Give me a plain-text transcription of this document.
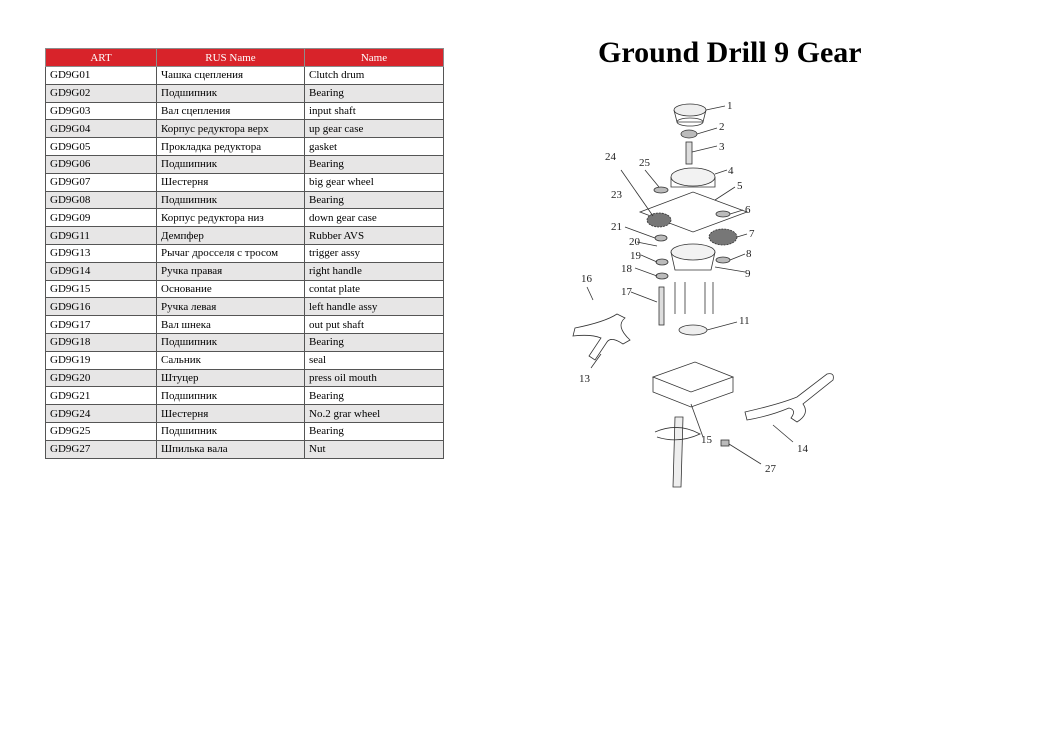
ART	RUS Name	Name
GD9G01	Чашка сцепления	Clutch drum
GD9G02	Подшипник	Bearing
GD9G03	Вал сцепления	input shaft
GD9G04	Корпус редуктора верх	up gear case
GD9G05	Прокладка редуктора	gasket
GD9G06	Подшипник	Bearing
GD9G07	Шестерня	big gear wheel
GD9G08	Подшипник	Bearing
GD9G09	Корпус редуктора низ	down gear case
GD9G11	Демпфер	Rubber AVS
GD9G13	Рычаг дросселя с тросом	trigger assy
GD9G14	Ручка правая	right handle
GD9G15	Основание	contat plate
GD9G16	Ручка левая	left handle assy
GD9G17	Вал шнека	out put shaft
GD9G18	Подшипник	Bearing
GD9G19	Сальник	seal
GD9G20	Штуцер	press oil mouth
GD9G21	Подшипник	Bearing
GD9G24	Шестерня	No.2 grar wheel
GD9G25	Подшипник	Bearing
GD9G27	Шпилька вала	Nut
Ground Drill 9 Gear
1
2
3
4
5
6
7
8
9
11
13
14
15
16
17
18
19
20
21
23
24 25
27
